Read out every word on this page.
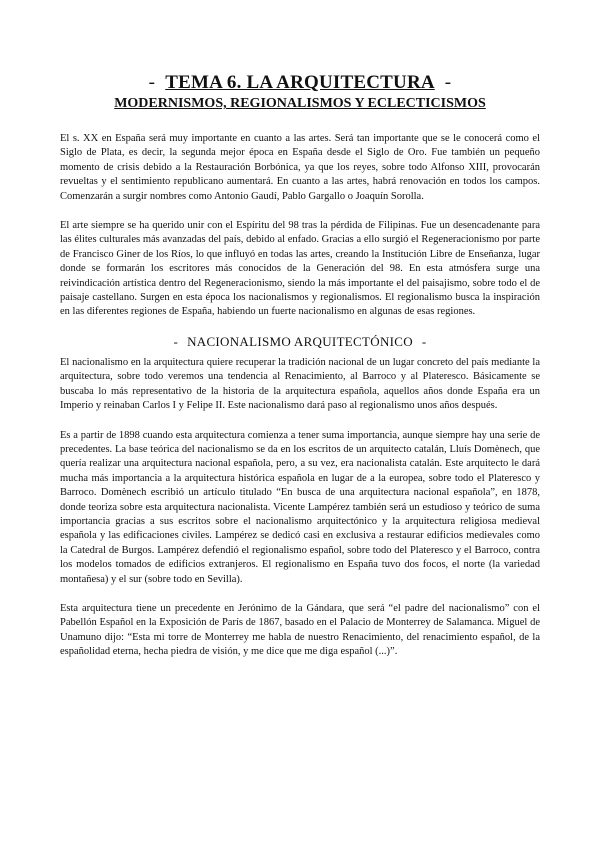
- TEMA 6. LA ARQUITECTURA -
MODERNISMOS, REGIONALISMOS Y ECLECTICISMOS

El s. XX en España será muy importante en cuanto a las artes. Será tan importante que se le conocerá como el Siglo de Plata, es decir, la segunda mejor época en España desde el Siglo de Oro. Fue también un pequeño momento de crisis debido a la Restauración Borbónica, ya que los reyes, sobre todo Alfonso XIII, provocarán revueltas y el sentimiento republicano aumentará. En cuanto a las artes, habrá renovación en todos los campos. Comenzarán a surgir nombres como Antonio Gaudí, Pablo Gargallo o Joaquín Sorolla.

El arte siempre se ha querido unir con el Espíritu del 98 tras la pérdida de Filipinas. Fue un desencadenante para las élites culturales más avanzadas del país, debido al enfado. Gracias a ello surgió el Regeneracionismo por parte de Francisco Giner de los Ríos, lo que influyó en todas las artes, creando la Institución Libre de Enseñanza, lugar donde se formarán los escritores más conocidos de la Generación del 98. En esta atmósfera surge una reivindicación artística dentro del Regeneracionismo, siendo la más importante el del paisajismo, sobre todo el de paisaje castellano. Surgen en esta época los nacionalismos y regionalismos. El regionalismo busca la inspiración en las diferentes regiones de España, habiendo un fuerte nacionalismo en algunas de esas regiones.

- NACIONALISMO ARQUITECTÓNICO -

El nacionalismo en la arquitectura quiere recuperar la tradición nacional de un lugar concreto del país mediante la arquitectura, sobre todo veremos una tendencia al Renacimiento, al Barroco y al Plateresco. Básicamente se buscaba lo más representativo de la historia de la arquitectura española, aquellos años donde España era un Imperio y reinaban Carlos I y Felipe II. Este nacionalismo dará paso al regionalismo unos años después.

Es a partir de 1898 cuando esta arquitectura comienza a tener suma importancia, aunque siempre hay una serie de precedentes. La base teórica del nacionalismo se da en los escritos de un arquitecto catalán, Lluís Domènech, que quería realizar una arquitectura nacional española, pero, a su vez, era nacionalista catalán. Este arquitecto le dará mucha más importancia a la arquitectura histórica española en lugar de a la europea, sobre todo el Plateresco y Barroco. Domènech escribió un artículo titulado “En busca de una arquitectura nacional española”, en 1878, donde teoriza sobre esta arquitectura nacionalista. Vicente Lampérez también será un estudioso y teórico de suma importancia gracias a sus escritos sobre el nacionalismo arquitectónico y la arquitectura religiosa medieval española y las edificaciones civiles. Lampérez se dedicó casi en exclusiva a restaurar edificios medievales como la Catedral de Burgos. Lampérez defendió el regionalismo español, sobre todo del Plateresco y el Barroco, contra los modelos tomados de edificios extranjeros. El regionalismo en España tuvo dos focos, el norte (la variedad montañesa) y el sur (sobre todo en Sevilla).

Esta arquitectura tiene un precedente en Jerónimo de la Gándara, que será “el padre del nacionalismo” con el Pabellón Español en la Exposición de París de 1867, basado en el Palacio de Monterrey de Salamanca. Miguel de Unamuno dijo: “Esta mi torre de Monterrey me habla de nuestro Renacimiento, del renacimiento español, de la españolidad eterna, hecha piedra de visión, y me dice que me diga español (...)”.
